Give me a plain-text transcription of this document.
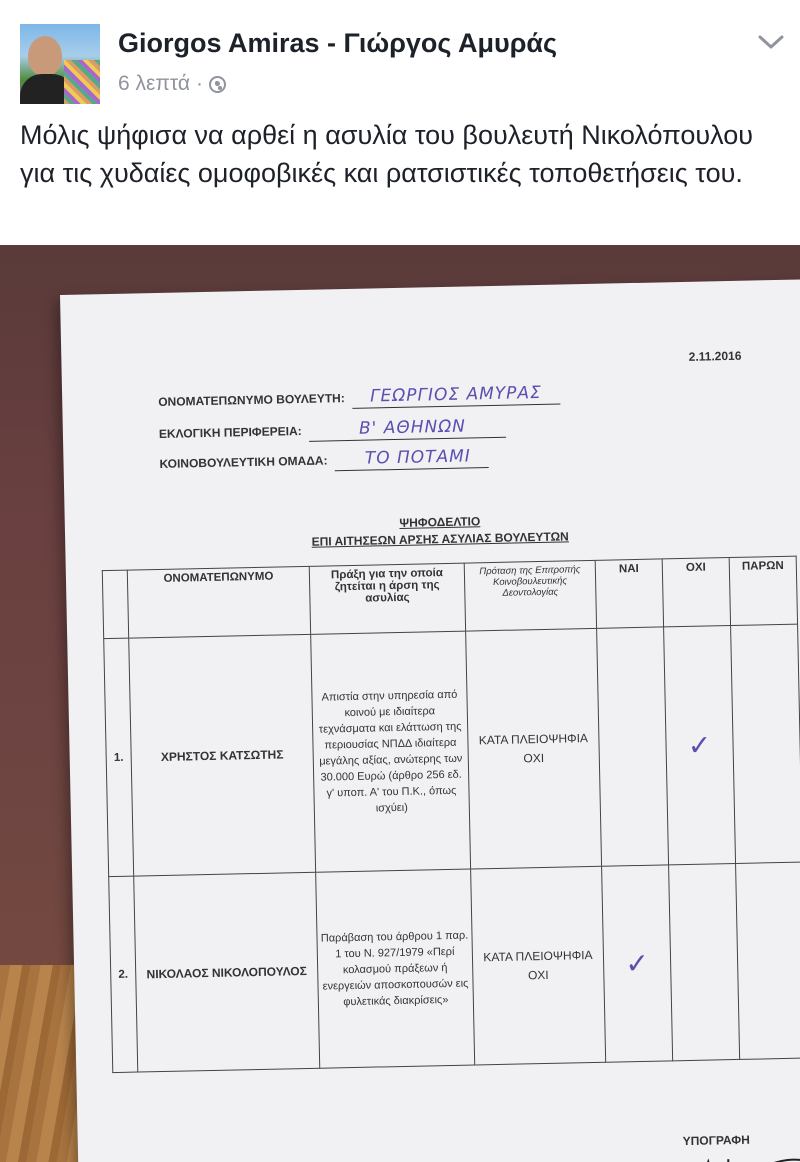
Giorgos Amiras - Γιώργος Αμυράς
6 λεπτά ·
Μόλις ψήφισα να αρθεί η ασυλία του βουλευτή Νικολόπουλου για τις χυδαίες ομοφοβικές και ρατσιστικές τοποθετήσεις του.
2.11.2016
ΟΝΟΜΑΤΕΠΩΝΥΜΟ ΒΟΥΛΕΥΤΗ: ΓΕΩΡΓΙΟΣ ΑΜΥΡΑΣ
ΕΚΛΟΓΙΚΗ ΠΕΡΙΦΕΡΕΙΑ:	Β' ΑΘΗΝΩΝ
ΚΟΙΝΟΒΟΥΛΕΥΤΙΚΗ ΟΜΑΔΑ: ΤΟ ΠΟΤΑΜΙ
ΨΗΦΟΔΕΛΤΙΟ
ΕΠΙ ΑΙΤΗΣΕΩΝ ΑΡΣΗΣ ΑΣΥΛΙΑΣ ΒΟΥΛΕΥΤΩΝ
	ΟΝΟΜΑΤΕΠΩΝΥΜΟ	Πράξη για την οποία ζητείται η άρση της ασυλίας	Πρόταση της Επιτροπής Κοινοβουλευτικής Δεοντολογίας	ΝΑΙ	ΟΧΙ	ΠΑΡΩΝ
1.	ΧΡΗΣΤΟΣ ΚΑΤΣΩΤΗΣ	Απιστία στην υπηρεσία από κοινού με ιδιαίτερα τεχνάσματα και ελάττωση της περιουσίας ΝΠΔΔ ιδιαίτερα μεγάλης αξίας, ανώτερης των 30.000 Ευρώ (άρθρο 256 εδ. γ' υποπ. Α' του Π.Κ., όπως ισχύει)	ΚΑΤΑ ΠΛΕΙΟΨΗΦΙΑ ΟΧΙ		✓	
2.	ΝΙΚΟΛΑΟΣ ΝΙΚΟΛΟΠΟΥΛΟΣ	Παράβαση του άρθρου 1 παρ. 1 του Ν. 927/1979 «Περί κολασμού πράξεων ή ενεργειών αποσκοπουσών εις φυλετικάς διακρίσεις»	ΚΑΤΑ ΠΛΕΙΟΨΗΦΙΑ ΟΧΙ	✓		
ΥΠΟΓΡΑΦΗ
